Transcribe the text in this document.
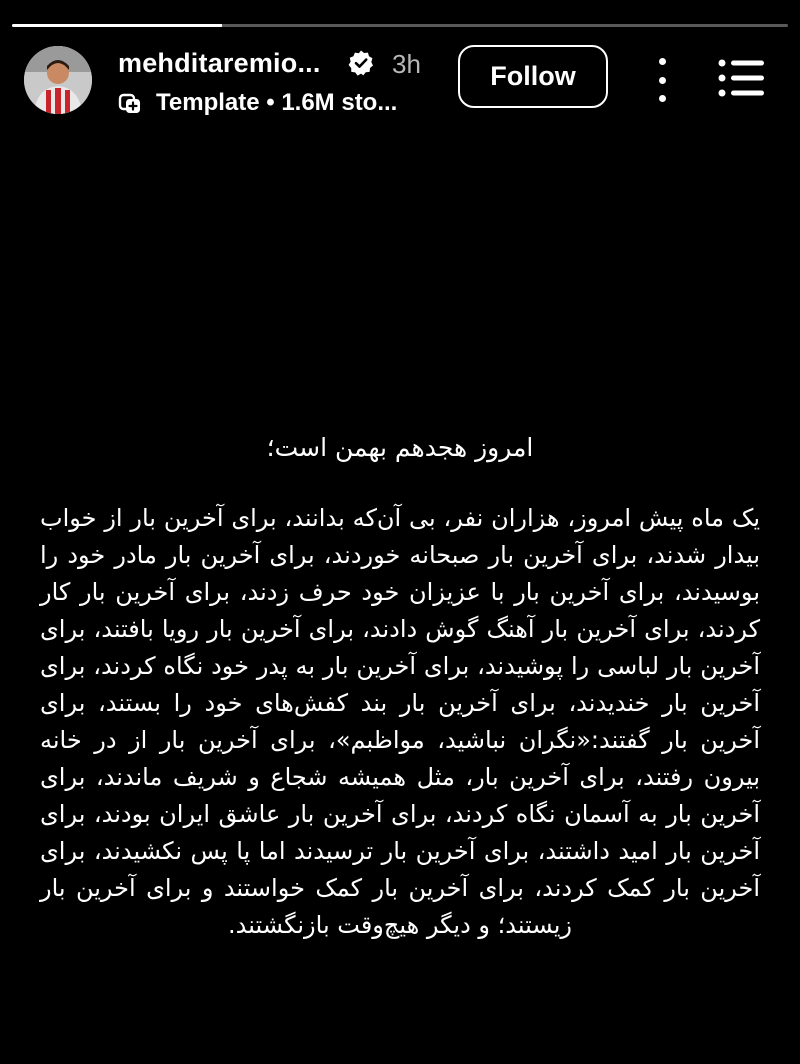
mehditaremio...	3h
Template • 1.6M sto...
Follow

امروز هجدهم بهمن است؛

یک ماه پیش امروز، هزاران نفر، بی آن‌که بدانند، برای آخرین بار از خواب بیدار شدند، برای آخرین بار صبحانه خوردند، برای آخرین بار مادر خود را بوسیدند، برای آخرین بار با عزیزان خود حرف زدند، برای آخرین بار کار کردند، برای آخرین بار آهنگ گوش دادند، برای آخرین بار رویا بافتند، برای آخرین بار لباسی را پوشیدند، برای آخرین بار به پدر خود نگاه کردند، برای آخرین بار خندیدند، برای آخرین بار بند کفش‌های خود را بستند، برای آخرین بار گفتند:«نگران نباشید، مواظبم»، برای آخرین بار از در خانه بیرون رفتند، برای آخرین بار، مثل همیشه شجاع و شریف ماندند، برای آخرین بار به آسمان نگاه کردند، برای آخرین بار عاشق ایران بودند، برای آخرین بار امید داشتند، برای آخرین بار ترسیدند اما پا پس نکشیدند، برای آخرین بار کمک کردند، برای آخرین بار کمک خواستند و برای آخرین بار زیستند؛ و دیگر هیچ‌وقت بازنگشتند.
